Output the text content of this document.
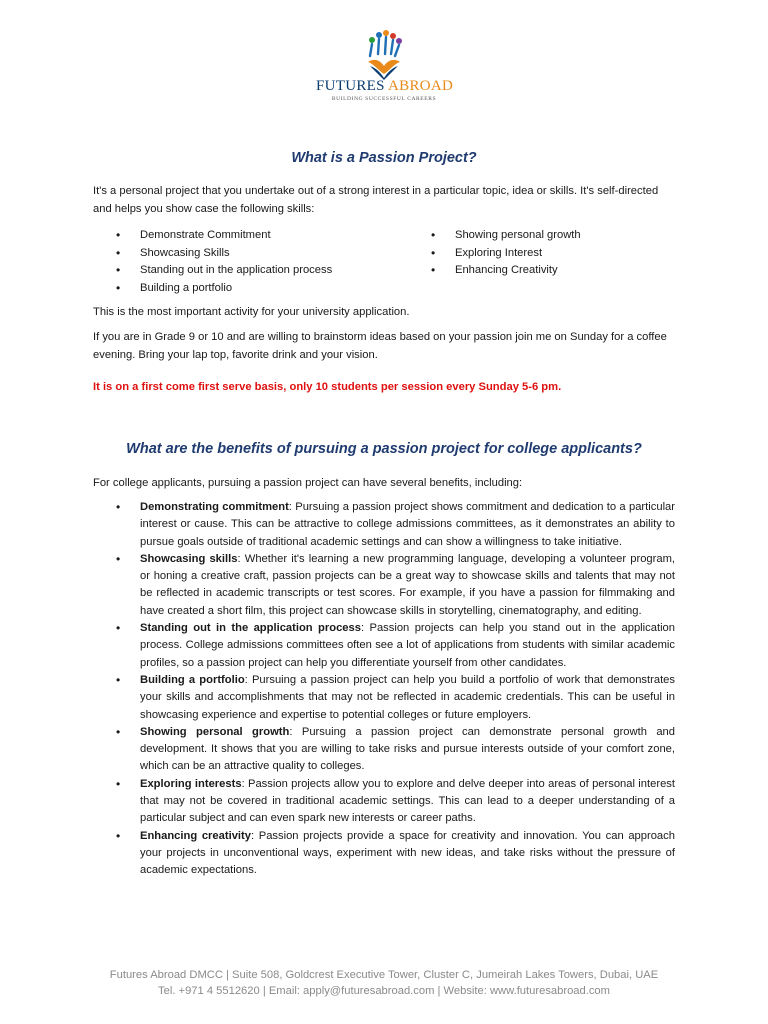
FUTURES ABROAD
BUILDING SUCCESSFUL CAREERS
What is a Passion Project?

It's a personal project that you undertake out of a strong interest in a particular topic, idea or skills. It's self-directed and helps you show case the following skills:

• Demonstrate Commitment
• Showcasing Skills
• Standing out in the application process
• Building a portfolio
• Showing personal growth
• Exploring Interest
• Enhancing Creativity

This is the most important activity for your university application.

If you are in Grade 9 or 10 and are willing to brainstorm ideas based on your passion join me on Sunday for a coffee evening. Bring your lap top, favorite drink and your vision.

It is on a first come first serve basis, only 10 students per session every Sunday 5-6 pm.

What are the benefits of pursuing a passion project for college applicants?

For college applicants, pursuing a passion project can have several benefits, including:

• Demonstrating commitment: Pursuing a passion project shows commitment and dedication to a particular interest or cause. This can be attractive to college admissions committees, as it demonstrates an ability to pursue goals outside of traditional academic settings and can show a willingness to take initiative.
• Showcasing skills: Whether it's learning a new programming language, developing a volunteer program, or honing a creative craft, passion projects can be a great way to showcase skills and talents that may not be reflected in academic transcripts or test scores. For example, if you have a passion for filmmaking and have created a short film, this project can showcase skills in storytelling, cinematography, and editing.
• Standing out in the application process: Passion projects can help you stand out in the application process. College admissions committees often see a lot of applications from students with similar academic profiles, so a passion project can help you differentiate yourself from other candidates.
• Building a portfolio: Pursuing a passion project can help you build a portfolio of work that demonstrates your skills and accomplishments that may not be reflected in academic credentials. This can be useful in showcasing experience and expertise to potential colleges or future employers.
• Showing personal growth: Pursuing a passion project can demonstrate personal growth and development. It shows that you are willing to take risks and pursue interests outside of your comfort zone, which can be an attractive quality to colleges.
• Exploring interests: Passion projects allow you to explore and delve deeper into areas of personal interest that may not be covered in traditional academic settings. This can lead to a deeper understanding of a particular subject and can even spark new interests or career paths.
• Enhancing creativity: Passion projects provide a space for creativity and innovation. You can approach your projects in unconventional ways, experiment with new ideas, and take risks without the pressure of academic expectations.
Futures Abroad DMCC | Suite 508, Goldcrest Executive Tower, Cluster C, Jumeirah Lakes Towers, Dubai, UAE
Tel. +971 4 5512620 | Email: apply@futuresabroad.com | Website: www.futuresabroad.com
